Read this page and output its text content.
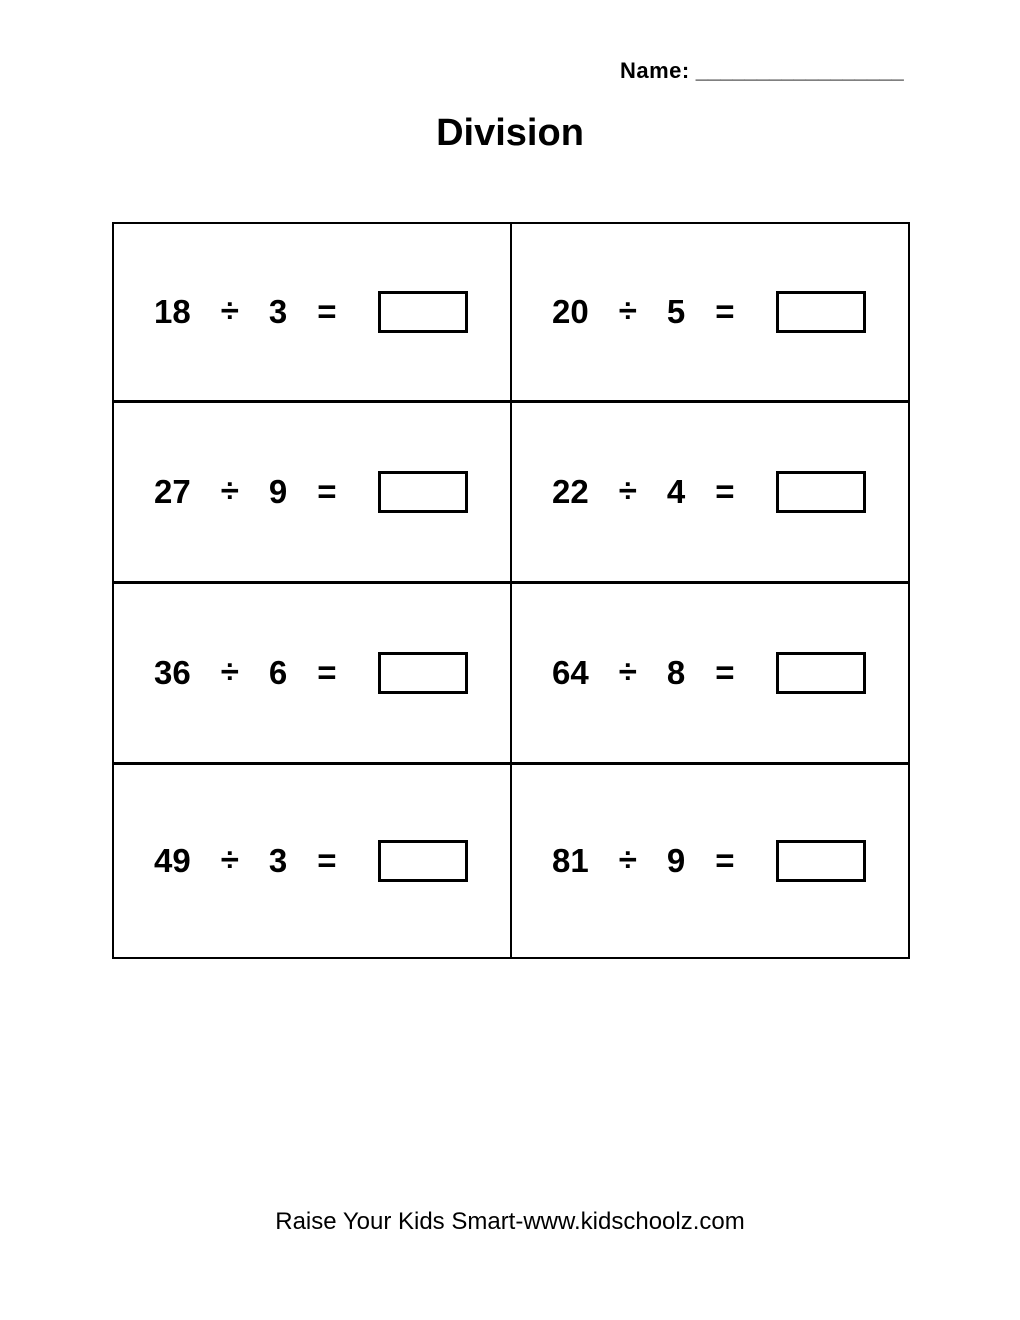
Name: _________________
Division
18 ÷ 3 =	20 ÷ 5 =
27 ÷ 9 =	22 ÷ 4 =
36 ÷ 6 =	64 ÷ 8 =
49 ÷ 3 =	81 ÷ 9 =
Raise Your Kids Smart-www.kidschoolz.com
